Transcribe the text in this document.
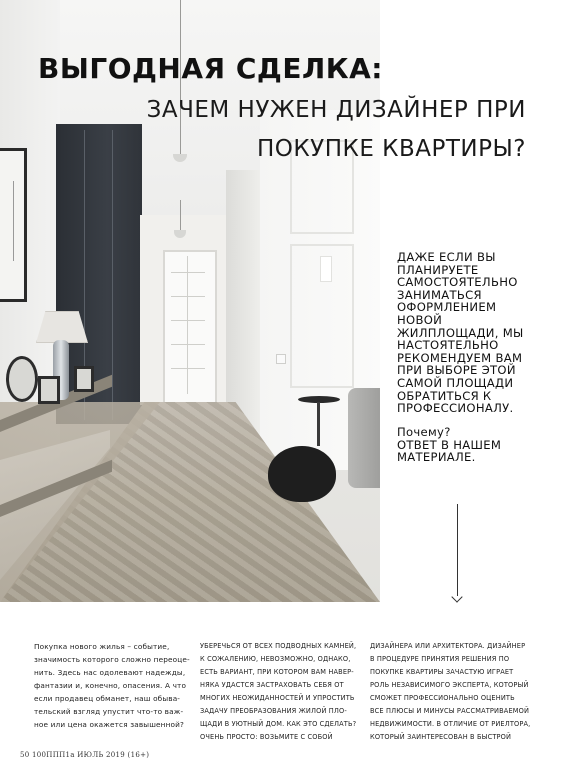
ВЫГОДНАЯ СДЕЛКА:
ЗАЧЕМ НУЖЕН ДИЗАЙНЕР ПРИ
ПОКУПКЕ КВАРТИРЫ?

ДАЖЕ ЕСЛИ ВЫ
ПЛАНИРУЕТЕ
САМОСТОЯТЕЛЬНО
ЗАНИМАТЬСЯ
ОФОРМЛЕНИЕМ
НОВОЙ
ЖИЛПЛОЩАДИ, МЫ
НАСТОЯТЕЛЬНО
РЕКОМЕНДУЕМ ВАМ
ПРИ ВЫБОРЕ ЭТОЙ
САМОЙ ПЛОЩАДИ
ОБРАТИТЬСЯ К
ПРОФЕССИОНАЛУ.

Почему?
ОТВЕТ В НАШЕМ
МАТЕРИАЛЕ.

Покупка нового жилья – событие,
значимость которого сложно переоце-
нить. Здесь нас одолевают надежды,
фантазии и, конечно, опасения. А что
если продавец обманет, наш обыва-
тельский взгляд упустит что-то важ-
ное или цена окажется завышенной?

УБЕРЕЧЬСЯ ОТ ВСЕХ ПОДВОДНЫХ КАМНЕЙ,
К СОЖАЛЕНИЮ, НЕВОЗМОЖНО, ОДНАКО,
ЕСТЬ ВАРИАНТ, ПРИ КОТОРОМ ВАМ НАВЕР-
НЯКА УДАСТСЯ ЗАСТРАХОВАТЬ СЕБЯ ОТ
МНОГИХ НЕОЖИДАННОСТЕЙ И УПРОСТИТЬ
ЗАДАЧУ ПРЕОБРАЗОВАНИЯ ЖИЛОЙ ПЛО-
ЩАДИ В УЮТНЫЙ ДОМ. КАК ЭТО СДЕЛАТЬ?
ОЧЕНЬ ПРОСТО: ВОЗЬМИТЕ С СОБОЙ

ДИЗАЙНЕРА ИЛИ АРХИТЕКТОРА. ДИЗАЙНЕР
В ПРОЦЕДУРЕ ПРИНЯТИЯ РЕШЕНИЯ ПО
ПОКУПКЕ КВАРТИРЫ ЗАЧАСТУЮ ИГРАЕТ
РОЛЬ НЕЗАВИСИМОГО ЭКСПЕРТА, КОТОРЫЙ
СМОЖЕТ ПРОФЕССИОНАЛЬНО ОЦЕНИТЬ
ВСЕ ПЛЮСЫ И МИНУСЫ РАССМАТРИВАЕМОЙ
НЕДВИЖИМОСТИ. В ОТЛИЧИЕ ОТ РИЕЛТОРА,
КОТОРЫЙ ЗАИНТЕРЕСОВАН В БЫСТРОЙ

50 100ППП1а ИЮЛЬ 2019 (16+)
